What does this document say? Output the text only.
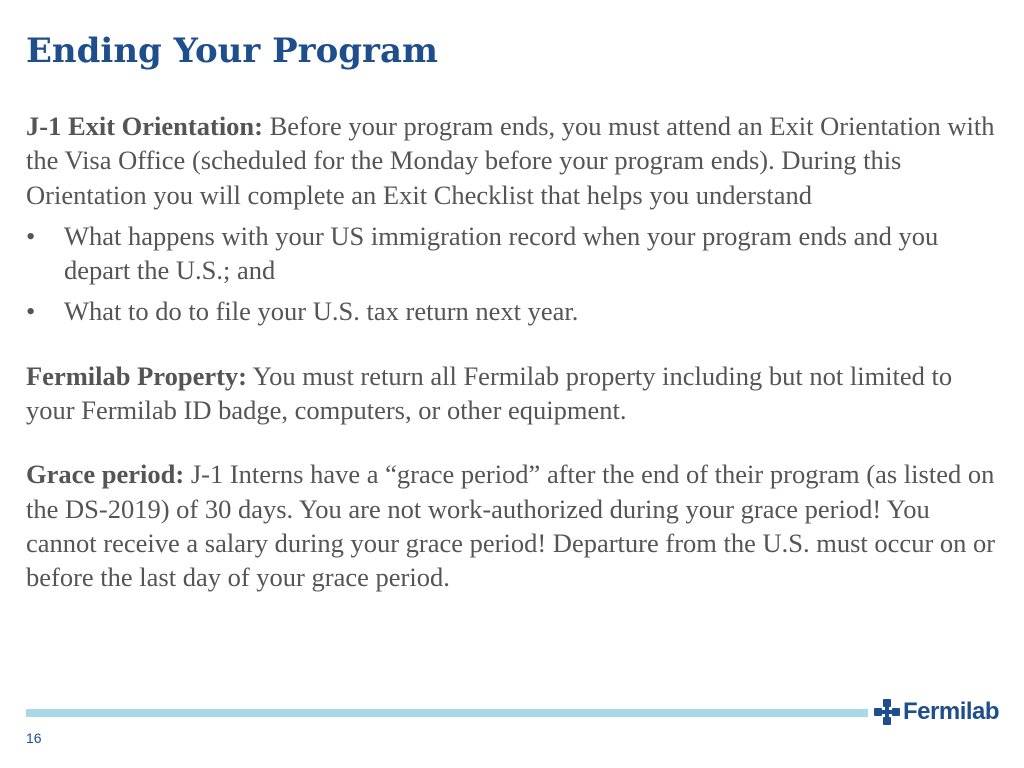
Ending Your Program

J-1 Exit Orientation: Before your program ends, you must attend an Exit Orientation with the Visa Office (scheduled for the Monday before your program ends). During this Orientation you will complete an Exit Checklist that helps you understand

• What happens with your US immigration record when your program ends and you depart the U.S.; and
• What to do to file your U.S. tax return next year.

Fermilab Property: You must return all Fermilab property including but not limited to your Fermilab ID badge, computers, or other equipment.

Grace period: J-1 Interns have a “grace period” after the end of their program (as listed on the DS-2019) of 30 days. You are not work-authorized during your grace period! You cannot receive a salary during your grace period! Departure from the U.S. must occur on or before the last day of your grace period.

Fermilab
16
